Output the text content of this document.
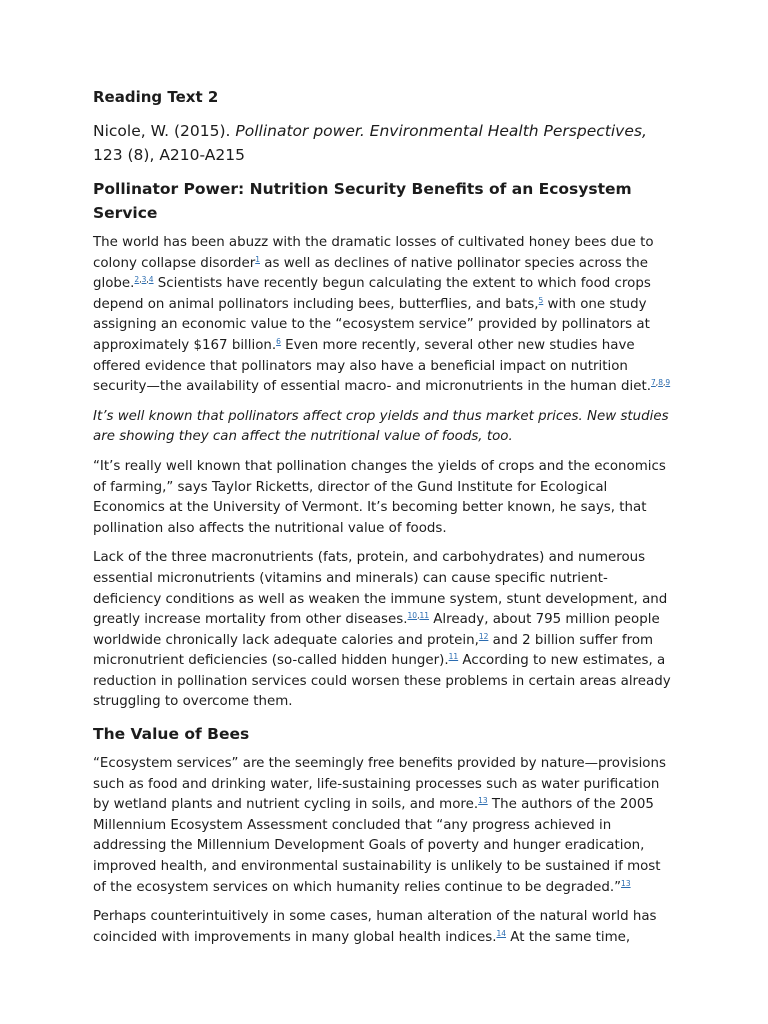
Reading Text 2

Nicole, W. (2015). Pollinator power. Environmental Health Perspectives, 123 (8), A210-A215

Pollinator Power: Nutrition Security Benefits of an Ecosystem Service

The world has been abuzz with the dramatic losses of cultivated honey bees due to colony collapse disorder$^1$ as well as declines of native pollinator species across the globe.$^{2,3,4}$ Scientists have recently begun calculating the extent to which food crops depend on animal pollinators including bees, butterflies, and bats,$^5$ with one study assigning an economic value to the “ecosystem service” provided by pollinators at approximately $167 billion.$^6$ Even more recently, several other new studies have offered evidence that pollinators may also have a beneficial impact on nutrition security—the availability of essential macro- and micronutrients in the human diet.$^{7,8,9}$

It’s well known that pollinators affect crop yields and thus market prices. New studies are showing they can affect the nutritional value of foods, too.

“It’s really well known that pollination changes the yields of crops and the economics of farming,” says Taylor Ricketts, director of the Gund Institute for Ecological Economics at the University of Vermont. It’s becoming better known, he says, that pollination also affects the nutritional value of foods.

Lack of the three macronutrients (fats, protein, and carbohydrates) and numerous essential micronutrients (vitamins and minerals) can cause specific nutrient-deficiency conditions as well as weaken the immune system, stunt development, and greatly increase mortality from other diseases.$^{10,11}$ Already, about 795 million people worldwide chronically lack adequate calories and protein,$^{12}$ and 2 billion suffer from micronutrient deficiencies (so-called hidden hunger).$^{11}$ According to new estimates, a reduction in pollination services could worsen these problems in certain areas already struggling to overcome them.

The Value of Bees

“Ecosystem services” are the seemingly free benefits provided by nature—provisions such as food and drinking water, life-sustaining processes such as water purification by wetland plants and nutrient cycling in soils, and more.$^{13}$ The authors of the 2005 Millennium Ecosystem Assessment concluded that “any progress achieved in addressing the Millennium Development Goals of poverty and hunger eradication, improved health, and environmental sustainability is unlikely to be sustained if most of the ecosystem services on which humanity relies continue to be degraded.”$^{13}$

Perhaps counterintuitively in some cases, human alteration of the natural world has coincided with improvements in many global health indices.$^{14}$ At the same time,
